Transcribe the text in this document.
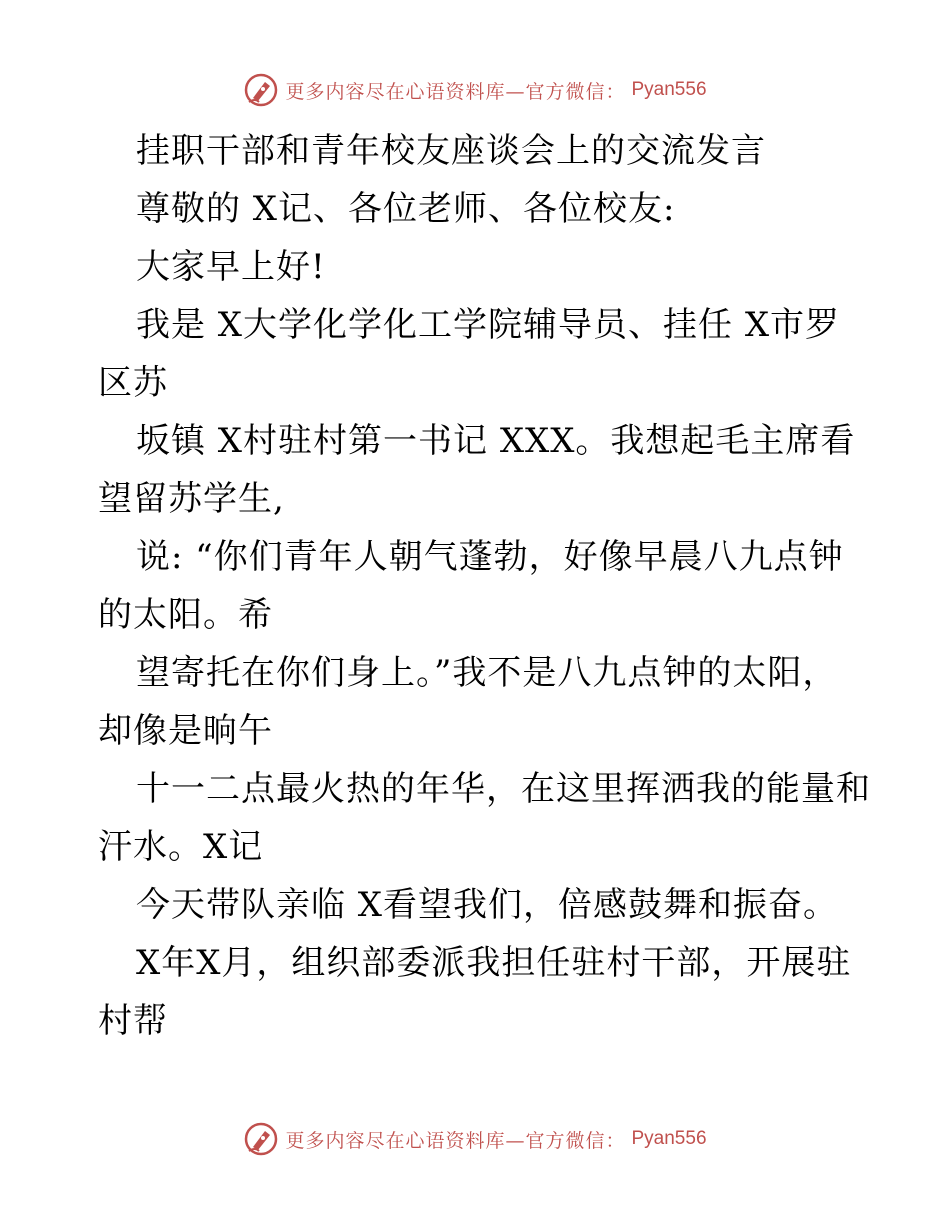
更多内容尽在心语资料库—官方微信： Pyan556
挂职干部和青年校友座谈会上的交流发言
尊敬的 X记、各位老师、各位校友:
大家早上好!
我是 X大学化学化工学院辅导员、挂任 X市罗
区苏
坂镇 X村驻村第一书记 XXX。我想起毛主席看
望留苏学生,
说: “你们青年人朝气蓬勃，好像早晨八九点钟
的太阳。希
望寄托在你们身上。”我不是八九点钟的太阳，
却像是晌午
十一二点最火热的年华，在这里挥洒我的能量和
汗水。X记
今天带队亲临 X看望我们，倍感鼓舞和振奋。
X年X月，组织部委派我担任驻村干部，开展驻
村帮
更多内容尽在心语资料库—官方微信： Pyan556
